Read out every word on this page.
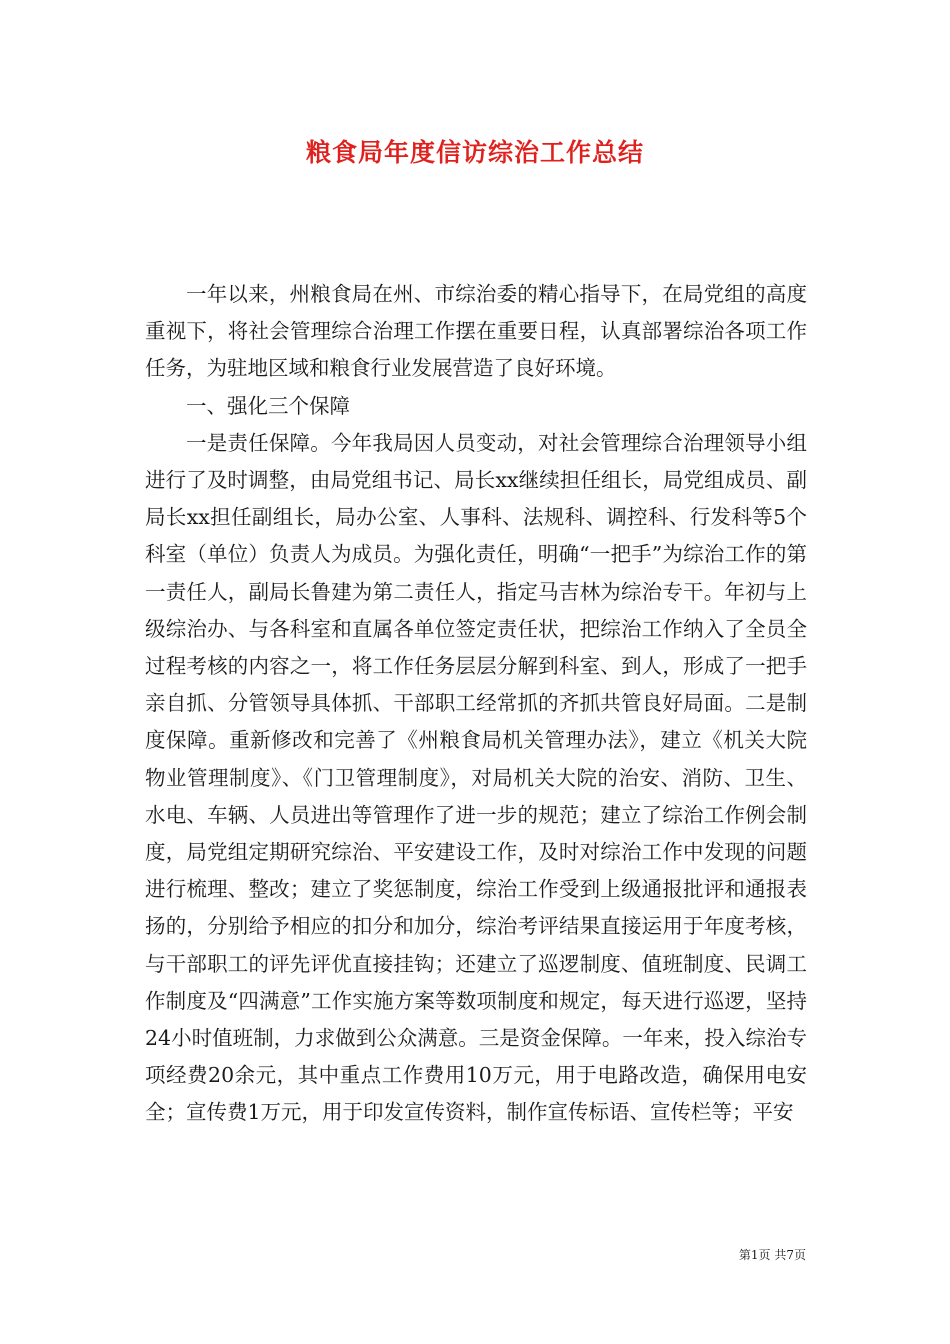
粮食局年度信访综治工作总结

一年以来，州粮食局在州、市综治委的精心指导下，在局党组的高度重视下，将社会管理综合治理工作摆在重要日程，认真部署综治各项工作任务，为驻地区域和粮食行业发展营造了良好环境。

一、强化三个保障

一是责任保障。今年我局因人员变动，对社会管理综合治理领导小组进行了及时调整，由局党组书记、局长xx继续担任组长，局党组成员、副局长xx担任副组长，局办公室、人事科、法规科、调控科、行发科等5个科室（单位）负责人为成员。为强化责任，明确“一把手”为综治工作的第一责任人，副局长鲁建为第二责任人，指定马吉林为综治专干。年初与上级综治办、与各科室和直属各单位签定责任状，把综治工作纳入了全员全过程考核的内容之一，将工作任务层层分解到科室、到人，形成了一把手亲自抓、分管领导具体抓、干部职工经常抓的齐抓共管良好局面。二是制度保障。重新修改和完善了《州粮食局机关管理办法》，建立《机关大院物业管理制度》、《门卫管理制度》，对局机关大院的治安、消防、卫生、水电、车辆、人员进出等管理作了进一步的规范；建立了综治工作例会制度，局党组定期研究综治、平安建设工作，及时对综治工作中发现的问题进行梳理、整改；建立了奖惩制度，综治工作受到上级通报批评和通报表扬的，分别给予相应的扣分和加分，综治考评结果直接运用于年度考核，与干部职工的评先评优直接挂钩；还建立了巡逻制度、值班制度、民调工作制度及“四满意”工作实施方案等数项制度和规定，每天进行巡逻，坚持24小时值班制，力求做到公众满意。三是资金保障。一年来，投入综治专项经费20余元，其中重点工作费用10万元，用于电路改造，确保用电安全；宣传费1万元，用于印发宣传资料，制作宣传标语、宣传栏等；平安

第1页 共7页
